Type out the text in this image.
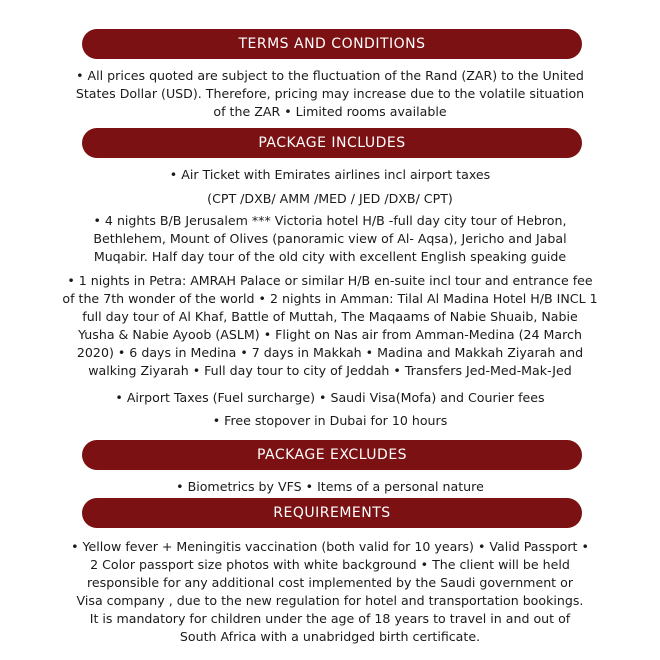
TERMS AND CONDITIONS
• All prices quoted are subject to the fluctuation of the Rand (ZAR) to the United
States Dollar (USD). Therefore, pricing may increase due to the volatile situation
of the ZAR • Limited rooms available
PACKAGE INCLUDES
• Air Ticket with Emirates airlines incl airport taxes
(CPT /DXB/ AMM /MED / JED /DXB/ CPT)
• 4 nights B/B Jerusalem *** Victoria hotel H/B -full day city tour of Hebron,
Bethlehem, Mount of Olives (panoramic view of Al- Aqsa), Jericho and Jabal
Muqabir. Half day tour of the old city with excellent English speaking guide
• 1 nights in Petra: AMRAH Palace or similar H/B en-suite incl tour and entrance fee
of the 7th wonder of the world • 2 nights in Amman: Tilal Al Madina Hotel H/B INCL 1
full day tour of Al Khaf, Battle of Muttah, The Maqaams of Nabie Shuaib, Nabie
Yusha & Nabie Ayoob (ASLM) • Flight on Nas air from Amman-Medina (24 March
2020) • 6 days in Medina • 7 days in Makkah • Madina and Makkah Ziyarah and
walking Ziyarah • Full day tour to city of Jeddah • Transfers Jed-Med-Mak-Jed
• Airport Taxes (Fuel surcharge) • Saudi Visa(Mofa) and Courier fees
• Free stopover in Dubai for 10 hours
PACKAGE EXCLUDES
• Biometrics by VFS • Items of a personal nature
REQUIREMENTS
• Yellow fever + Meningitis vaccination (both valid for 10 years) • Valid Passport •
2 Color passport size photos with white background • The client will be held
responsible for any additional cost implemented by the Saudi government or
Visa company , due to the new regulation for hotel and transportation bookings.
It is mandatory for children under the age of 18 years to travel in and out of
South Africa with a unabridged birth certificate.
